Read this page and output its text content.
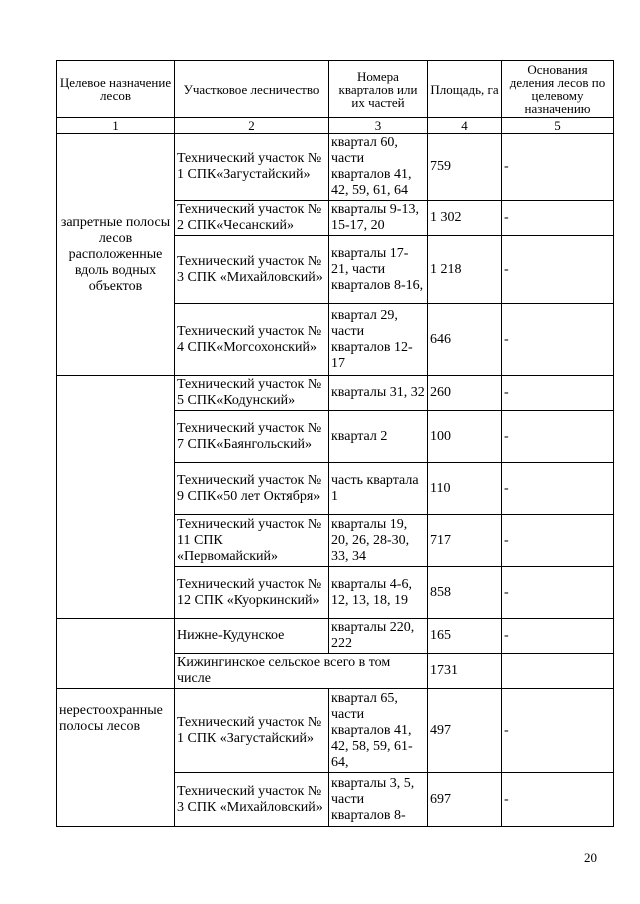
Целевое назначение лесов	Участковое лесничество	Номера кварталов или их частей	Площадь, га	Основания деления лесов по целевому назначению
1	2	3	4	5
запретные полосы лесов расположенные вдоль водных объектов	Технический участок № 1 СПК«Загустайский»	квартал 60, части кварталов 41, 42, 59, 61, 64	759	-
	Технический участок № 2 СПК«Чесанский»	кварталы 9-13, 15-17, 20	1 302	-
	Технический участок № 3 СПК «Михайловский»	кварталы 17-21, части кварталов 8-16,	1 218	-
	Технический участок № 4 СПК«Могсохонский»	квартал 29, части кварталов 12-17	646	-
	Технический участок № 5 СПК«Кодунский»	кварталы 31, 32	260	-
	Технический участок № 7 СПК«Баянгольский»	квартал 2	100	-
	Технический участок № 9 СПК«50 лет Октября»	часть квартала 1	110	-
	Технический участок № 11 СПК «Первомайский»	кварталы 19, 20, 26, 28-30, 33, 34	717	-
	Технический участок № 12 СПК «Куоркинский»	кварталы 4-6, 12, 13, 18, 19	858	-
	Нижне-Кудунское	кварталы 220, 222	165	-
	Кижингинское сельское всего в том числе		1731	

нерестоохранные полосы лесов	Технический участок № 1 СПК «Загустайский»	квартал 65, части кварталов 41, 42, 58, 59, 61-64,	497	-
	Технический участок № 3 СПК «Михайловский»	кварталы 3, 5, части кварталов 8-	697	-
20
